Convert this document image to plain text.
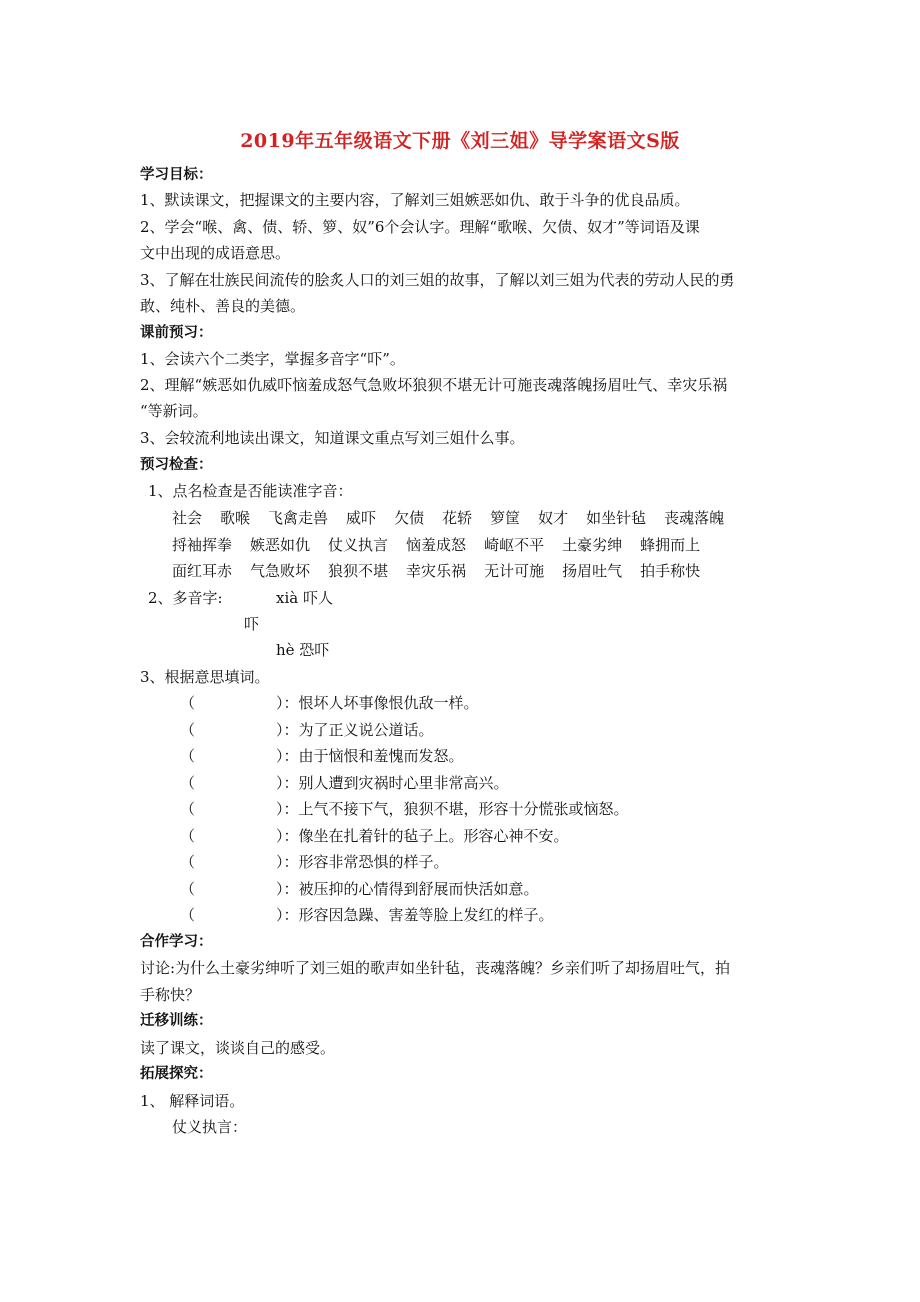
2019年五年级语文下册《刘三姐》导学案语文S版
学习目标：
1、默读课文，把握课文的主要内容，了解刘三姐嫉恶如仇、敢于斗争的优良品质。
2、学会“喉、禽、债、轿、箩、奴”6个会认字。理解“歌喉、欠债、奴才”等词语及课
文中出现的成语意思。
3、了解在壮族民间流传的脍炙人口的刘三姐的故事，了解以刘三姐为代表的劳动人民的勇
敢、纯朴、善良的美德。
课前预习：
1、会读六个二类字，掌握多音字“吓”。
2、理解“嫉恶如仇威吓恼羞成怒气急败坏狼狈不堪无计可施丧魂落魄扬眉吐气、幸灾乐祸
“等新词。
3、会较流利地读出课文，知道课文重点写刘三姐什么事。
预习检查：
1、点名检查是否能读准字音：
社会 歌喉 飞禽走兽 威吓 欠债 花轿 箩筐 奴才 如坐针毡 丧魂落魄
捋袖挥拳 嫉恶如仇 仗义执言 恼羞成怒 崎岖不平 土豪劣绅 蜂拥而上
面红耳赤 气急败坏 狼狈不堪 幸灾乐祸 无计可施 扬眉吐气 拍手称快
2、多音字:	xià 吓人
吓
hè 恐吓
3、根据意思填词。
（	）：恨坏人坏事像恨仇敌一样。
（	）：为了正义说公道话。
（	）：由于恼恨和羞愧而发怒。
（	）：别人遭到灾祸时心里非常高兴。
（	）：上气不接下气，狼狈不堪，形容十分慌张或恼怒。
（	）：像坐在扎着针的毡子上。形容心神不安。
（	）：形容非常恐惧的样子。
（	）：被压抑的心情得到舒展而快活如意。
（	）：形容因急躁、害羞等脸上发红的样子。
合作学习：
讨论:为什么土豪劣绅听了刘三姐的歌声如坐针毡，丧魂落魄？乡亲们听了却扬眉吐气，拍
手称快？
迁移训练：
读了课文，谈谈自己的感受。
拓展探究：
1、 解释词语。
仗义执言：
